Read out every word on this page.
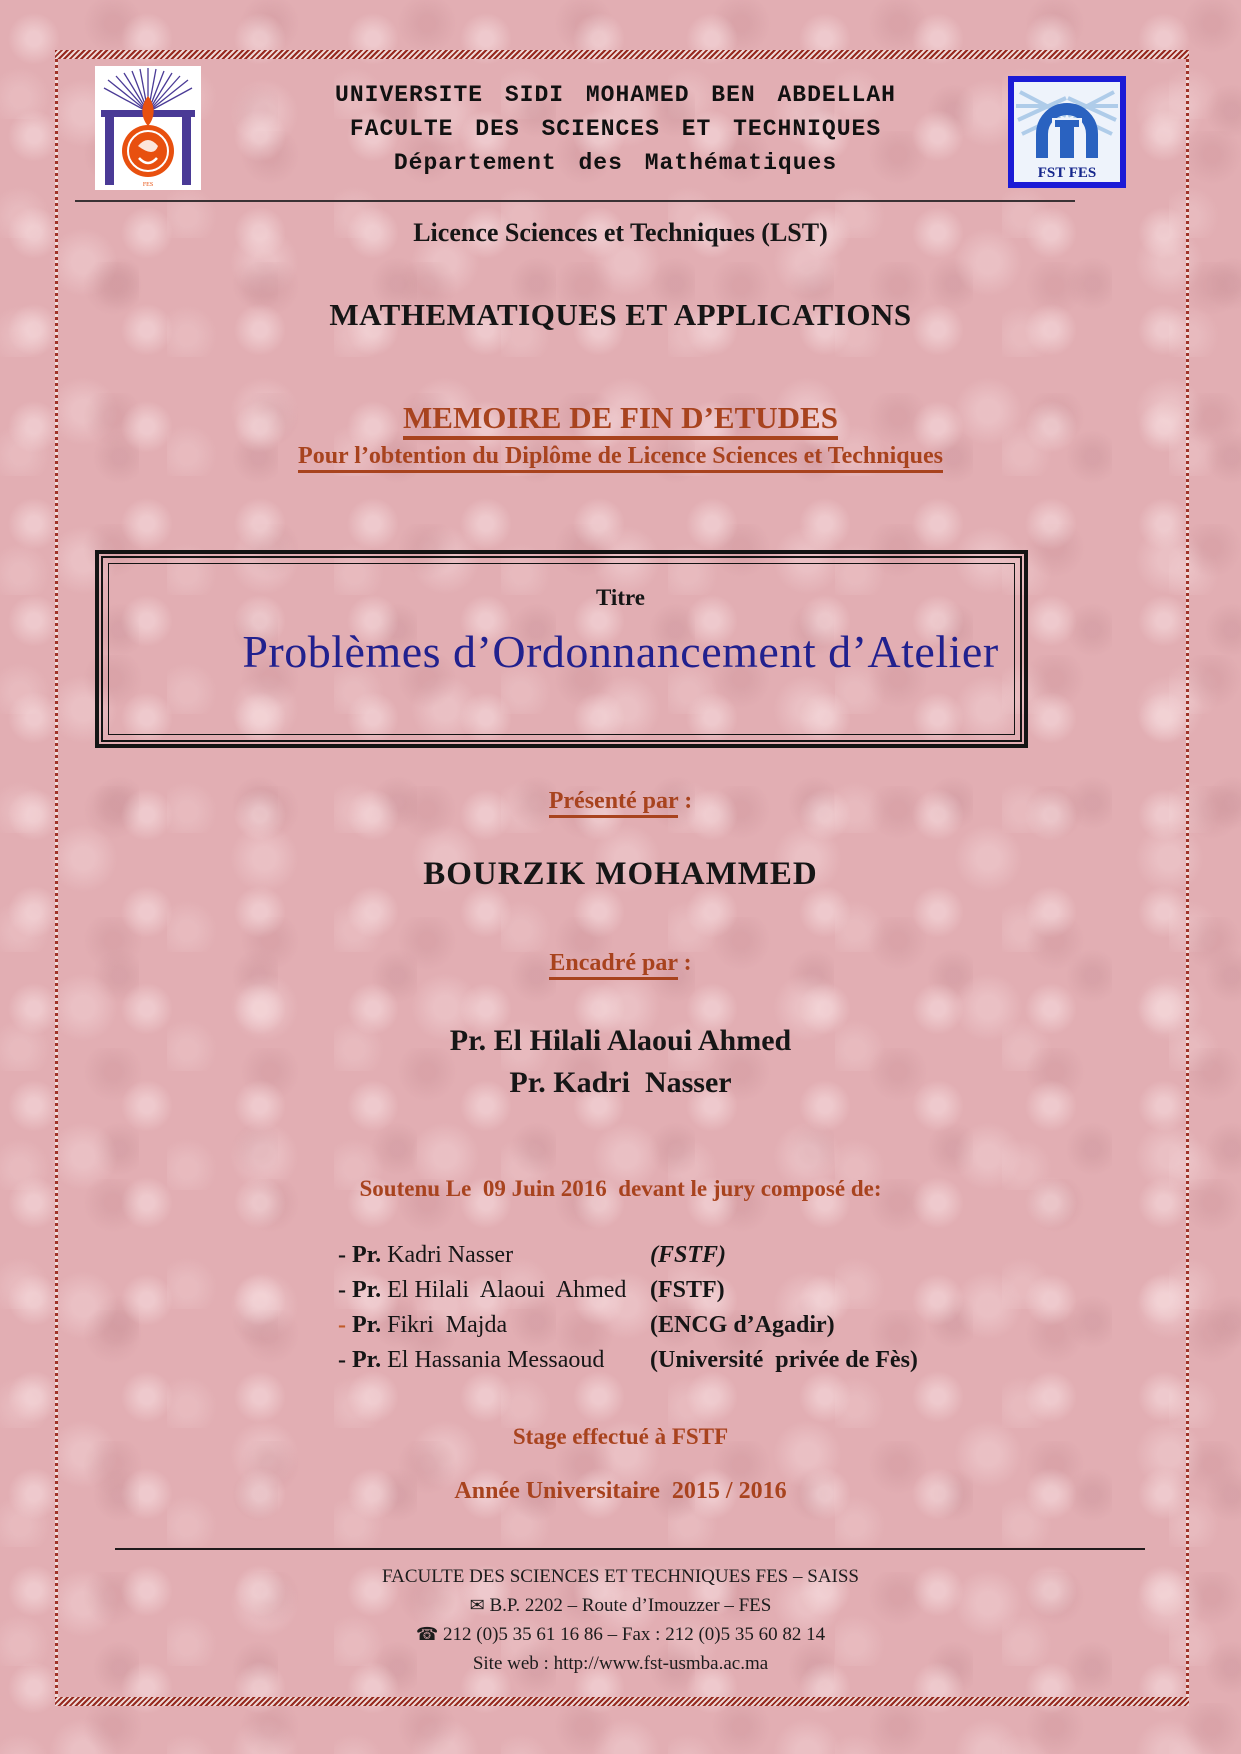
FES
FST FES
UNIVERSITE SIDI MOHAMED BEN ABDELLAH
FACULTE DES SCIENCES ET TECHNIQUES
Département des Mathématiques
Licence Sciences et Techniques (LST)
MATHEMATIQUES ET APPLICATIONS
MEMOIRE DE FIN D’ETUDES
Pour l’obtention du Diplôme de Licence Sciences et Techniques
Titre
Problèmes d’Ordonnancement d’Atelier
Présenté par :
BOURZIK MOHAMMED
Encadré par :
Pr. El Hilali Alaoui Ahmed
Pr. Kadri  Nasser
Soutenu Le  09 Juin 2016  devant le jury composé de:
- Pr. Kadri Nasser	(FSTF)
- Pr. El Hilali  Alaoui  Ahmed (FSTF)
- Pr. Fikri  Majda	(ENCG d’Agadir)
- Pr. El Hassania Messaoud	(Université  privée de Fès)
Stage effectué à FSTF
Année Universitaire  2015 / 2016
FACULTE DES SCIENCES ET TECHNIQUES FES – SAISS
✉ B.P. 2202 – Route d’Imouzzer – FES
☎ 212 (0)5 35 61 16 86 – Fax : 212 (0)5 35 60 82 14
Site web : http://www.fst-usmba.ac.ma
